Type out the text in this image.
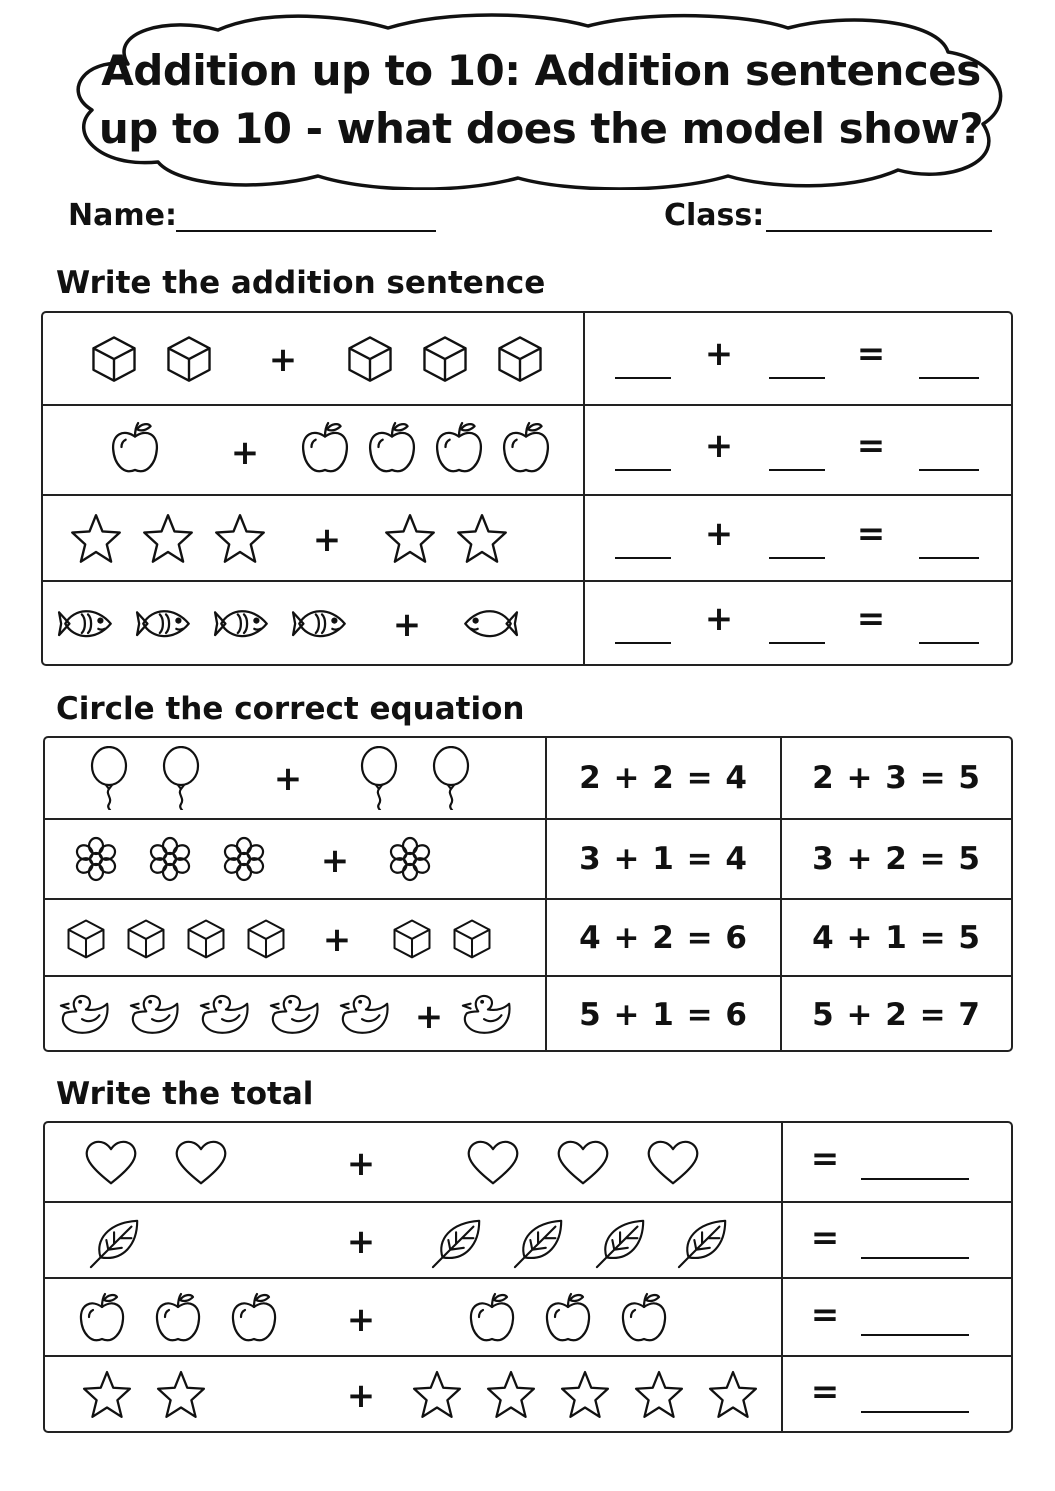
Addition up to 10: Addition sentences
up to 10 - what does the model show?
Name:	Class:
Write the addition sentence
+	+	=
+	+	=
+	+	=
+	+	=
Circle the correct equation
+	2 + 2 = 4	2 + 3 = 5
+	3 + 1 = 4	3 + 2 = 5
+	4 + 2 = 6	4 + 1 = 5
+	5 + 1 = 6	5 + 2 = 7
Write the total
+	=
+	=
+	=
+	=
